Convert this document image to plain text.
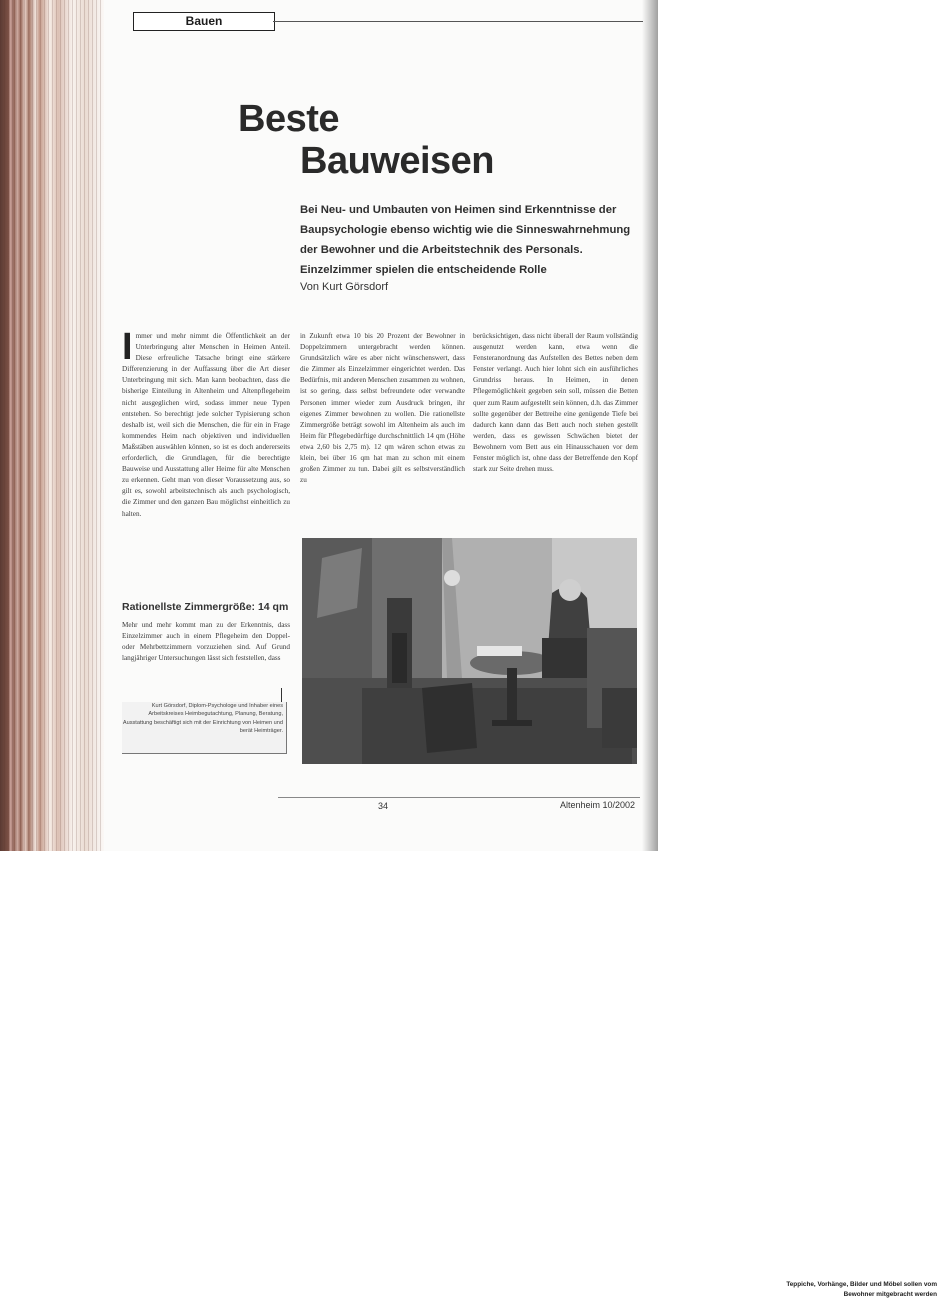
Bauen
Beste
Bauweisen
Bei Neu- und Umbauten von Heimen sind Erkenntnisse der Baupsychologie ebenso wichtig wie die Sinneswahrnehmung der Bewohner und die Arbeitstechnik des Personals. Einzelzimmer spielen die entscheidende Rolle
Von Kurt Görsdorf
Immer und mehr nimmt die Öffentlichkeit an der Unterbringung alter Menschen in Heimen Anteil. Diese erfreuliche Tatsache bringt eine stärkere Differenzierung in der Auffassung über die Art dieser Unterbringung mit sich. Man kann beobachten, dass die bisherige Einteilung in Altenheim und Altenpflegeheim nicht ausgeglichen wird, sodass immer neue Typen entstehen. So berechtigt jede solcher Typisierung schon deshalb ist, weil sich die Menschen, die für ein in Frage kommendes Heim nach objektiven und individuellen Maßstäben auswählen können, so ist es doch andererseits erforderlich, die Grundlagen, für die berechtigte Bauweise und Ausstattung aller Heime für alte Menschen zu erkennen. Geht man von dieser Voraussetzung aus, so gilt es, sowohl arbeitstechnisch als auch psychologisch, die Zimmer und den ganzen Bau möglichst einheitlich zu halten.
Rationellste Zimmergröße: 14 qm
Mehr und mehr kommt man zu der Erkenntnis, dass Einzelzimmer auch in einem Pflegeheim den Doppel- oder Mehrbettzimmern vorzuziehen sind. Auf Grund langjähriger Untersuchungen lässt sich feststellen, dass
Kurt Görsdorf, Diplom-Psychologe und Inhaber eines Arbeitskreises Heimbegutachtung, Planung, Beratung, Ausstattung beschäftigt sich mit der Einrichtung von Heimen und berät Heimträger.
in Zukunft etwa 10 bis 20 Prozent der Bewohner in Doppelzimmern untergebracht werden können. Grundsätzlich wäre es aber nicht wünschenswert, dass die Zimmer als Einzelzimmer eingerichtet werden. Das Bedürfnis, mit anderen Menschen zusammen zu wohnen, ist so gering, dass selbst befreundete oder verwandte Personen immer wieder zum Ausdruck bringen, ihr eigenes Zimmer bewohnen zu wollen. Die rationellste Zimmergröße beträgt sowohl im Altenheim als auch im Heim für Pflegebedürftige durchschnittlich 14 qm (Höhe etwa 2,60 bis 2,75 m). 12 qm wären schon etwas zu klein, bei über 16 qm hat man zu schon mit einem großen Zimmer zu tun. Dabei gilt es selbstverständlich zu
berücksichtigen, dass nicht überall der Raum vollständig ausgenutzt werden kann, etwa wenn die Fensteranordnung das Aufstellen des Bettes neben dem Fenster verlangt. Auch hier lohnt sich ein ausführliches Grundriss heraus. In Heimen, in denen Pflegemöglichkeit gegeben sein soll, müssen die Betten quer zum Raum aufgestellt sein können, d.h. das Zimmer sollte gegenüber der Bettreihe eine genügende Tiefe bei dadurch kann dann das Bett auch noch stehen gestellt werden, dass es gewissen Schwächen bietet der Bewohnern vom Bett aus ein Hinausschauen vor dem Fenster möglich ist, ohne dass der Betreffende den Kopf stark zur Seite drehen muss.
Teppiche, Vorhänge, Bilder und Möbel sollen vom Bewohner mitgebracht werden
34	Altenheim 10/2002
